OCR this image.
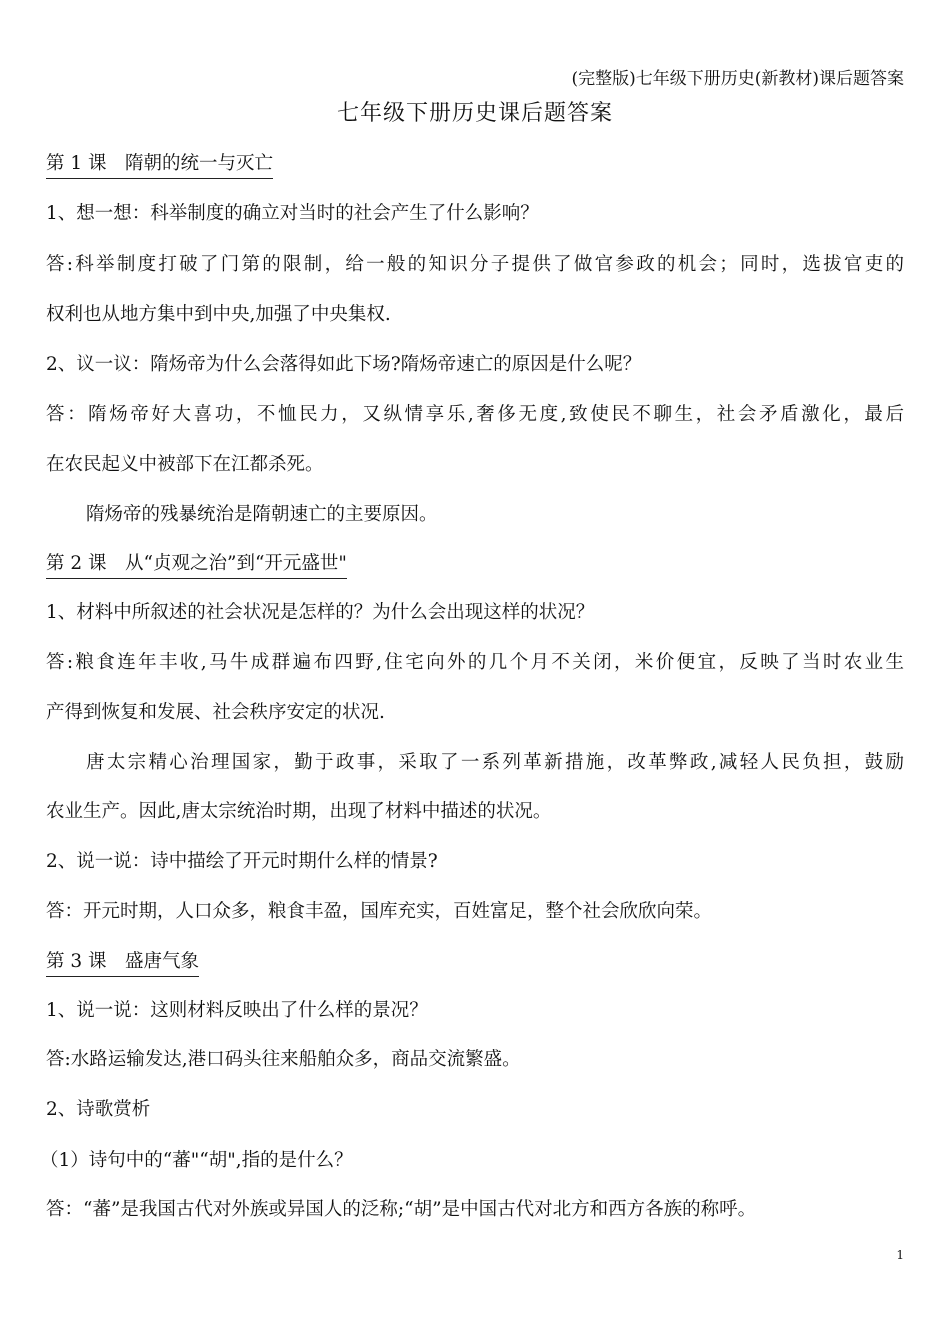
(完整版)七年级下册历史(新教材)课后题答案
七年级下册历史课后题答案
第 1 课　隋朝的统一与灭亡
1、想一想：科举制度的确立对当时的社会产生了什么影响？
答:科举制度打破了门第的限制，给一般的知识分子提供了做官参政的机会；同时，选拔官吏的
权利也从地方集中到中央,加强了中央集权.
2、议一议：隋炀帝为什么会落得如此下场?隋炀帝速亡的原因是什么呢？
答：隋炀帝好大喜功，不恤民力，又纵情享乐,奢侈无度,致使民不聊生，社会矛盾激化，最后
在农民起义中被部下在江都杀死。
隋炀帝的残暴统治是隋朝速亡的主要原因。
第 2 课　从“贞观之治”到“开元盛世"
1、材料中所叙述的社会状况是怎样的？为什么会出现这样的状况？
答:粮食连年丰收,马牛成群遍布四野,住宅向外的几个月不关闭，米价便宜，反映了当时农业生
产得到恢复和发展、社会秩序安定的状况.
唐太宗精心治理国家，勤于政事，采取了一系列革新措施，改革弊政,减轻人民负担，鼓励
农业生产。因此,唐太宗统治时期，出现了材料中描述的状况。
2、说一说：诗中描绘了开元时期什么样的情景?
答：开元时期，人口众多，粮食丰盈，国库充实，百姓富足，整个社会欣欣向荣。
第 3 课　盛唐气象
1、说一说：这则材料反映出了什么样的景况？
答:水路运输发达,港口码头往来船舶众多，商品交流繁盛。
2、诗歌赏析
（1）诗句中的“蕃"“胡",指的是什么？
答：“蕃”是我国古代对外族或异国人的泛称;“胡”是中国古代对北方和西方各族的称呼。
1
